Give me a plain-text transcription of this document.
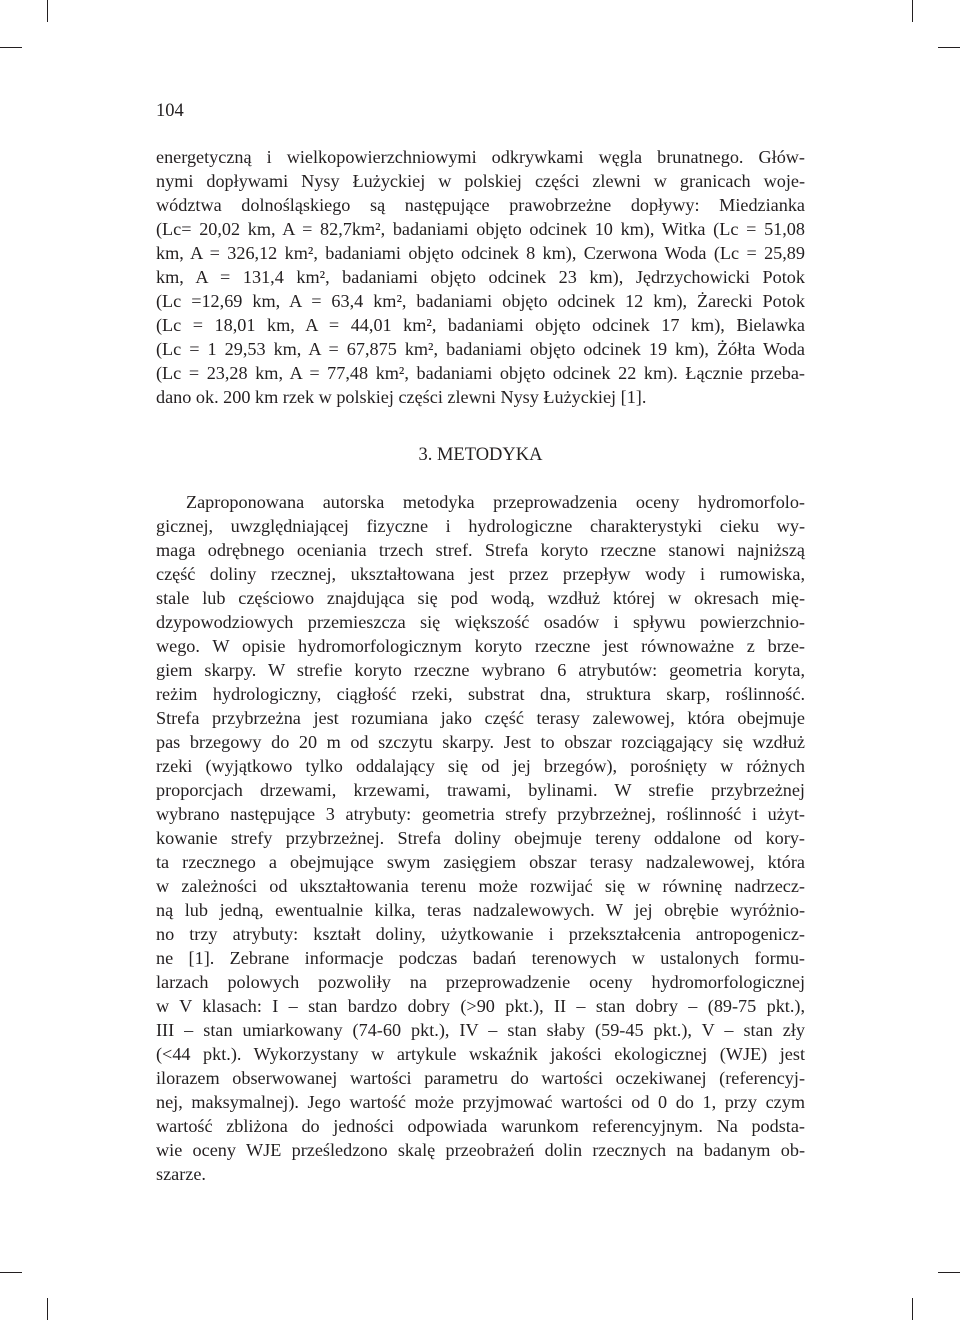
104
energetyczną i wielkopowierzchniowymi odkrywkami węgla brunatnego. Głów-
nymi dopływami Nysy Łużyckiej w polskiej części zlewni w granicach woje-
wództwa dolnośląskiego są następujące prawobrzeżne dopływy: Miedzianka
(Lc= 20,02 km, A = 82,7km², badaniami objęto odcinek 10 km), Witka (Lc = 51,08
km, A = 326,12 km², badaniami objęto odcinek 8 km), Czerwona Woda (Lc = 25,89
km, A = 131,4 km², badaniami objęto odcinek 23 km), Jędrzychowicki Potok
(Lc =12,69 km, A = 63,4 km², badaniami objęto odcinek 12 km), Żarecki Potok
(Lc = 18,01 km, A = 44,01 km², badaniami objęto odcinek 17 km), Bielawka
(Lc = 1 29,53 km, A = 67,875 km², badaniami objęto odcinek 19 km), Żółta Woda
(Lc = 23,28 km, A = 77,48 km², badaniami objęto odcinek 22 km). Łącznie przeba-
dano ok. 200 km rzek w polskiej części zlewni Nysy Łużyckiej [1].
3. METODYKA
Zaproponowana autorska metodyka przeprowadzenia oceny hydromorfolo-
gicznej, uwzględniającej fizyczne i hydrologiczne charakterystyki cieku wy-
maga odrębnego oceniania trzech stref. Strefa koryto rzeczne stanowi najniższą
część doliny rzecznej, ukształtowana jest przez przepływ wody i rumowiska,
stale lub częściowo znajdująca się pod wodą, wzdłuż której w okresach mię-
dzypowodziowych przemieszcza się większość osadów i spływu powierzchnio-
wego. W opisie hydromorfologicznym koryto rzeczne jest równoważne z brze-
giem skarpy. W strefie koryto rzeczne wybrano 6 atrybutów: geometria koryta,
reżim hydrologiczny, ciągłość rzeki, substrat dna, struktura skarp, roślinność.
Strefa przybrzeżna jest rozumiana jako część terasy zalewowej, która obejmuje
pas brzegowy do 20 m od szczytu skarpy. Jest to obszar rozciągający się wzdłuż
rzeki (wyjątkowo tylko oddalający się od jej brzegów), porośnięty w różnych
proporcjach drzewami, krzewami, trawami, bylinami. W strefie przybrzeżnej
wybrano następujące 3 atrybuty: geometria strefy przybrzeżnej, roślinność i użyt-
kowanie strefy przybrzeżnej. Strefa doliny obejmuje tereny oddalone od kory-
ta rzecznego a obejmujące swym zasięgiem obszar terasy nadzalewowej, która
w zależności od ukształtowania terenu może rozwijać się w równinę nadrzecz-
ną lub jedną, ewentualnie kilka, teras nadzalewowych. W jej obrębie wyróżnio-
no trzy atrybuty: kształt doliny, użytkowanie i przekształcenia antropogenicz-
ne [1]. Zebrane informacje podczas badań terenowych w ustalonych formu-
larzach polowych pozwoliły na przeprowadzenie oceny hydromorfologicznej
w V klasach: I – stan bardzo dobry (>90 pkt.), II – stan dobry – (89-75 pkt.),
III – stan umiarkowany (74-60 pkt.), IV – stan słaby (59-45 pkt.), V – stan zły
(<44 pkt.). Wykorzystany w artykule wskaźnik jakości ekologicznej (WJE) jest
ilorazem obserwowanej wartości parametru do wartości oczekiwanej (referencyj-
nej, maksymalnej). Jego wartość może przyjmować wartości od 0 do 1, przy czym
wartość zbliżona do jedności odpowiada warunkom referencyjnym. Na podsta-
wie oceny WJE prześledzono skalę przeobrażeń dolin rzecznych na badanym ob-
szarze.
